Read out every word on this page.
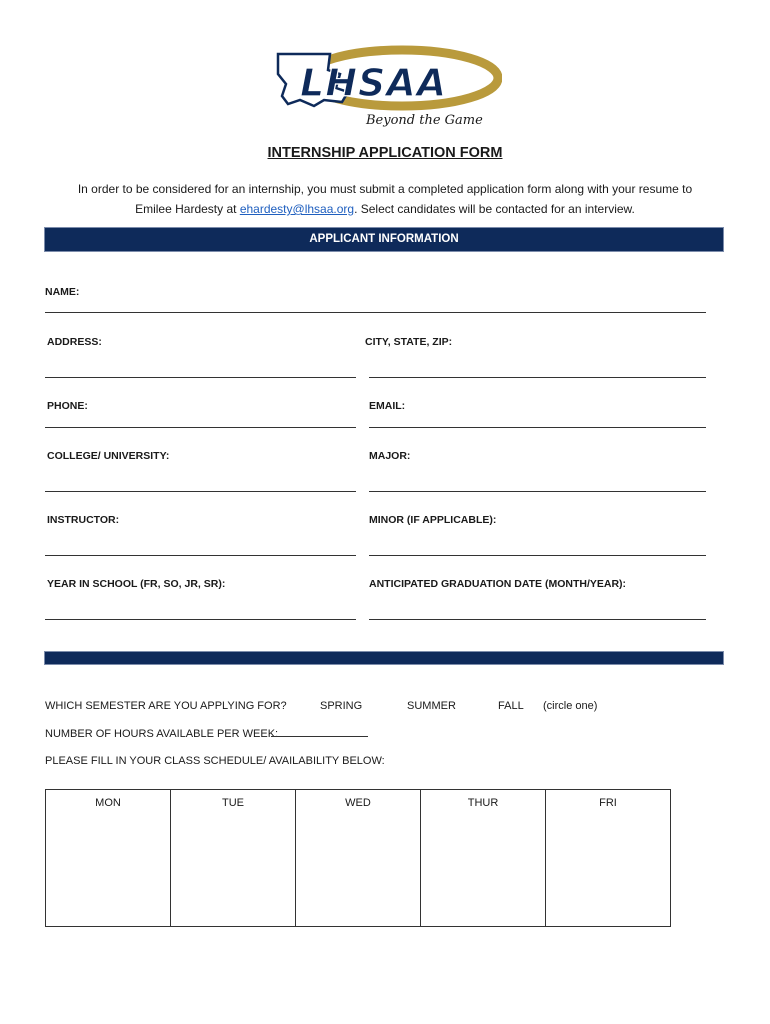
LHSAA
Beyond the Game
INTERNSHIP APPLICATION FORM
In order to be considered for an internship, you must submit a completed application form along with your resume to
Emilee Hardesty at ehardesty@lhsaa.org. Select candidates will be contacted for an interview.
APPLICANT INFORMATION
NAME:
ADDRESS:	CITY, STATE, ZIP:
PHONE:	EMAIL:
COLLEGE/ UNIVERSITY:	MAJOR:
INSTRUCTOR:	MINOR (IF APPLICABLE):
YEAR IN SCHOOL (FR, SO, JR, SR):	ANTICIPATED GRADUATION DATE (MONTH/YEAR):
WHICH SEMESTER ARE YOU APPLYING FOR?	SPRING	SUMMER	FALL (circle one)
NUMBER OF HOURS AVAILABLE PER WEEK:
PLEASE FILL IN YOUR CLASS SCHEDULE/ AVAILABILITY BELOW:
MON	TUE	WED	THUR	FRI
